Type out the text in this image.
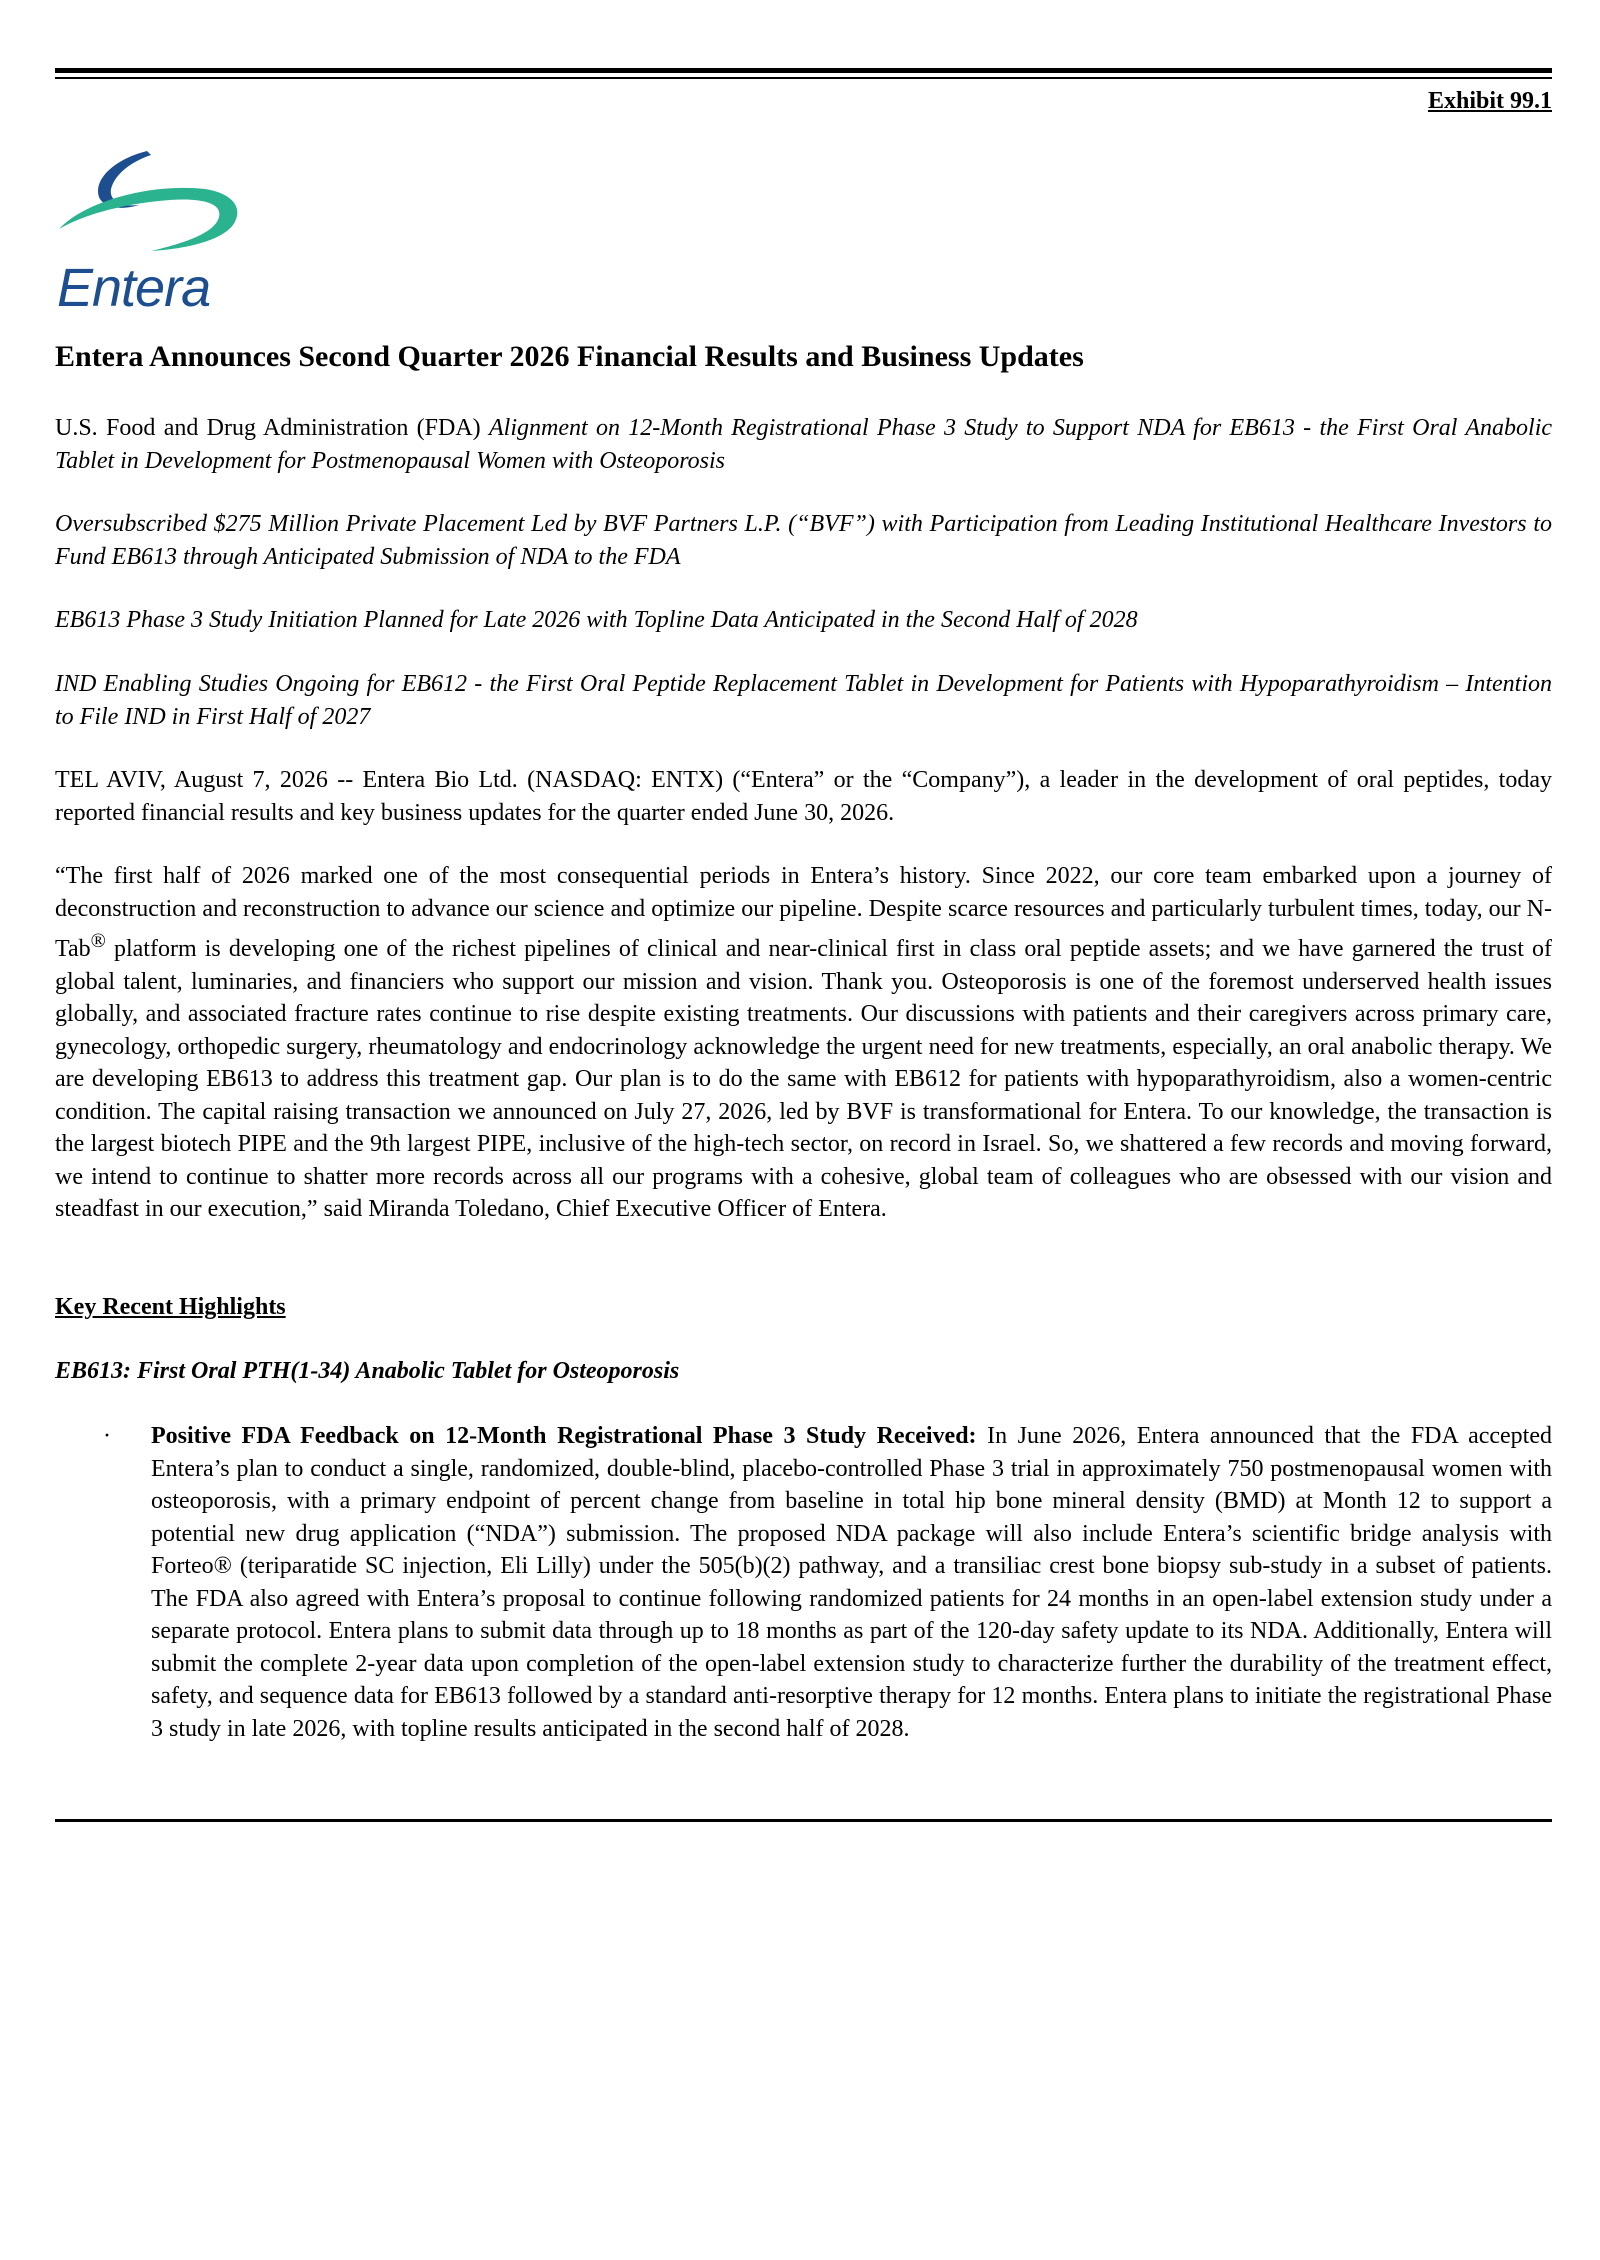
Exhibit 99.1
Entera
Entera Announces Second Quarter 2026 Financial Results and Business Updates

U.S. Food and Drug Administration (FDA) Alignment on 12-Month Registrational Phase 3 Study to Support NDA for EB613 - the First Oral Anabolic Tablet in Development for Postmenopausal Women with Osteoporosis

Oversubscribed $275 Million Private Placement Led by BVF Partners L.P. (“BVF”) with Participation from Leading Institutional Healthcare Investors to Fund EB613 through Anticipated Submission of NDA to the FDA

EB613 Phase 3 Study Initiation Planned for Late 2026 with Topline Data Anticipated in the Second Half of 2028

IND Enabling Studies Ongoing for EB612 - the First Oral Peptide Replacement Tablet in Development for Patients with Hypoparathyroidism – Intention to File IND in First Half of 2027

TEL AVIV, August 7, 2026 -- Entera Bio Ltd. (NASDAQ: ENTX) (“Entera” or the “Company”), a leader in the development of oral peptides, today reported financial results and key business updates for the quarter ended June 30, 2026.

“The first half of 2026 marked one of the most consequential periods in Entera’s history. Since 2022, our core team embarked upon a journey of deconstruction and reconstruction to advance our science and optimize our pipeline. Despite scarce resources and particularly turbulent times, today, our N-Tab® platform is developing one of the richest pipelines of clinical and near-clinical first in class oral peptide assets; and we have garnered the trust of global talent, luminaries, and financiers who support our mission and vision. Thank you. Osteoporosis is one of the foremost underserved health issues globally, and associated fracture rates continue to rise despite existing treatments. Our discussions with patients and their caregivers across primary care, gynecology, orthopedic surgery, rheumatology and endocrinology acknowledge the urgent need for new treatments, especially, an oral anabolic therapy. We are developing EB613 to address this treatment gap. Our plan is to do the same with EB612 for patients with hypoparathyroidism, also a women-centric condition. The capital raising transaction we announced on July 27, 2026, led by BVF is transformational for Entera. To our knowledge, the transaction is the largest biotech PIPE and the 9th largest PIPE, inclusive of the high-tech sector, on record in Israel. So, we shattered a few records and moving forward, we intend to continue to shatter more records across all our programs with a cohesive, global team of colleagues who are obsessed with our vision and steadfast in our execution,” said Miranda Toledano, Chief Executive Officer of Entera.

Key Recent Highlights

EB613: First Oral PTH(1-34) Anabolic Tablet for Osteoporosis

· Positive FDA Feedback on 12-Month Registrational Phase 3 Study Received: In June 2026, Entera announced that the FDA accepted Entera’s plan to conduct a single, randomized, double-blind, placebo-controlled Phase 3 trial in approximately 750 postmenopausal women with osteoporosis, with a primary endpoint of percent change from baseline in total hip bone mineral density (BMD) at Month 12 to support a potential new drug application (“NDA”) submission. The proposed NDA package will also include Entera’s scientific bridge analysis with Forteo® (teriparatide SC injection, Eli Lilly) under the 505(b)(2) pathway, and a transiliac crest bone biopsy sub-study in a subset of patients. The FDA also agreed with Entera’s proposal to continue following randomized patients for 24 months in an open-label extension study under a separate protocol. Entera plans to submit data through up to 18 months as part of the 120-day safety update to its NDA. Additionally, Entera will submit the complete 2-year data upon completion of the open-label extension study to characterize further the durability of the treatment effect, safety, and sequence data for EB613 followed by a standard anti-resorptive therapy for 12 months. Entera plans to initiate the registrational Phase 3 study in late 2026, with topline results anticipated in the second half of 2028.
